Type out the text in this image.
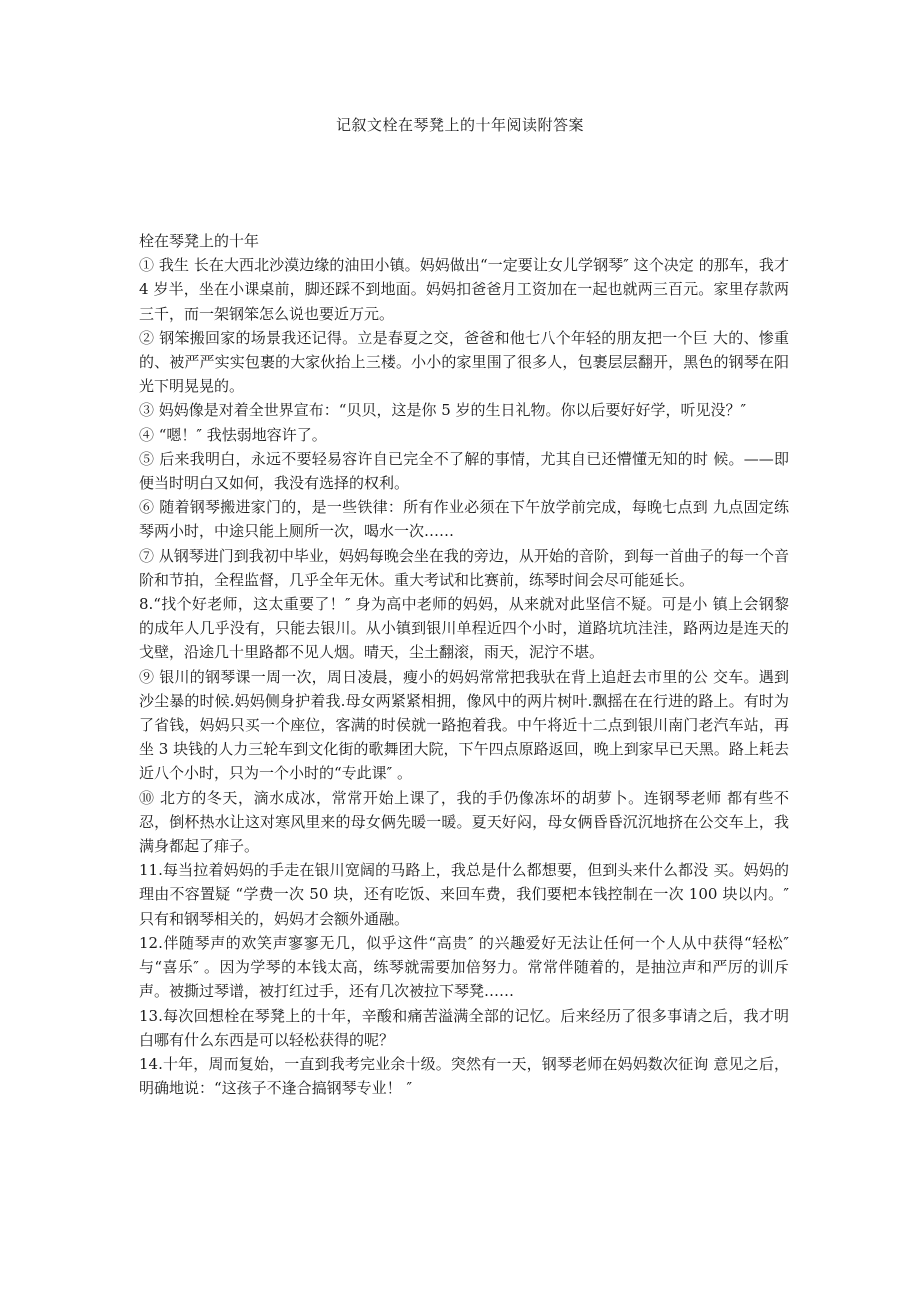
记叙文栓在琴凳上的十年阅读附答案

栓在琴凳上的十年

① 我生 长在大西北沙漠边缘的油田小镇。妈妈做出“一定要让女儿学钢琴″ 这个决定 的那车，我才 4 岁半，坐在小课桌前，脚还踩不到地面。妈妈扣爸爸月工资加在一起也就两三百元。家里存款两三千，而一架钢笨怎么说也要近万元。

② 钢笨搬回家的场景我还记得。立是春夏之交，爸爸和他七八个年轻的朋友把一个巨 大的、惨重的、被严严实实包裹的大家伙抬上三楼。小小的家里围了很多人，包裹层层翻开，黑色的钢琴在阳光下明晃晃的。

③ 妈妈像是对着全世界宣布：“贝贝，这是你 5 岁的生日礼物。你以后要好好学，听见没？″

④ “嗯！″ 我怯弱地容许了。

⑤ 后来我明白，永远不要轻易容许自已完全不了解的事情，尤其自已还懵懂无知的时 候。——即便当时明白又如何，我没有选择的权利。

⑥ 随着钢琴搬进家门的，是一些铁律：所有作业必须在下午放学前完成，每晚七点到 九点固定练琴两小时，中途只能上厕所一次，喝水一次……

⑦ 从钢琴进门到我初中毕业，妈妈每晚会坐在我的旁边，从开始的音阶，到每一首曲子的每一个音阶和节拍，全程监督，几乎全年无休。重大考试和比赛前，练琴时间会尽可能延长。

8.“找个好老师，这太重要了！″ 身为高中老师的妈妈，从来就对此坚信不疑。可是小 镇上会钢黎的成年人几乎没有，只能去银川。从小镇到银川单程近四个小时，道路坑坑洼洼，路两边是连天的戈壁，沿途几十里路都不见人烟。晴天，尘土翻滚，雨天，泥泞不堪。

⑨ 银川的钢琴课一周一次，周日凌晨，瘦小的妈妈常常把我驮在背上追赶去市里的公 交车。遇到沙尘暴的时候.妈妈侧身护着我.母女两紧紧相拥，像风中的两片树叶.飘摇在在行进的路上。有时为了省钱，妈妈只买一个座位，客满的时侯就一路抱着我。中午将近十二点到银川南门老汽车站，再坐 3 块钱的人力三轮车到文化街的歌舞团大院，下午四点原路返回，晚上到家早已天黑。路上耗去近八个小时，只为一个小时的“专此课″ 。

⑩ 北方的冬天，滴水成冰，常常开始上课了，我的手仍像冻坏的胡萝卜。连钢琴老师 都有些不忍，倒杯热水让这对寒风里来的母女俩先暖一暖。夏天好闷，母女俩昏昏沉沉地挤在公交车上，我满身都起了痱子。

11.每当拉着妈妈的手走在银川宽阔的马路上，我总是什么都想要，但到头来什么都没 买。妈妈的理由不容置疑 “学费一次 50 块，还有吃饭、来回车费，我们要杷本钱控制在一次 100 块以内。″ 只有和钢琴相关的，妈妈才会额外通融。

12.伴随琴声的欢笑声寥寥无几，似乎这件“高贵″ 的兴趣爱好无法让任何一个人从中获得“轻松″ 与“喜乐″ 。因为学琴的本钱太高，练琴就需要加倍努力。常常伴随着的，是抽泣声和严厉的训斥声。被撕过琴谱，被打红过手，还有几次被拉下琴凳……

13.每次回想栓在琴凳上的十年，辛酸和痛苦溢满全部的记忆。后来经历了很多事请之后，我才明白哪有什么东西是可以轻松获得的呢？

14.十年，周而复始，一直到我考完业余十级。突然有一天，钢琴老师在妈妈数次征询 意见之后，明确地说：“这孩子不逢合搞钢琴专业！ ″
